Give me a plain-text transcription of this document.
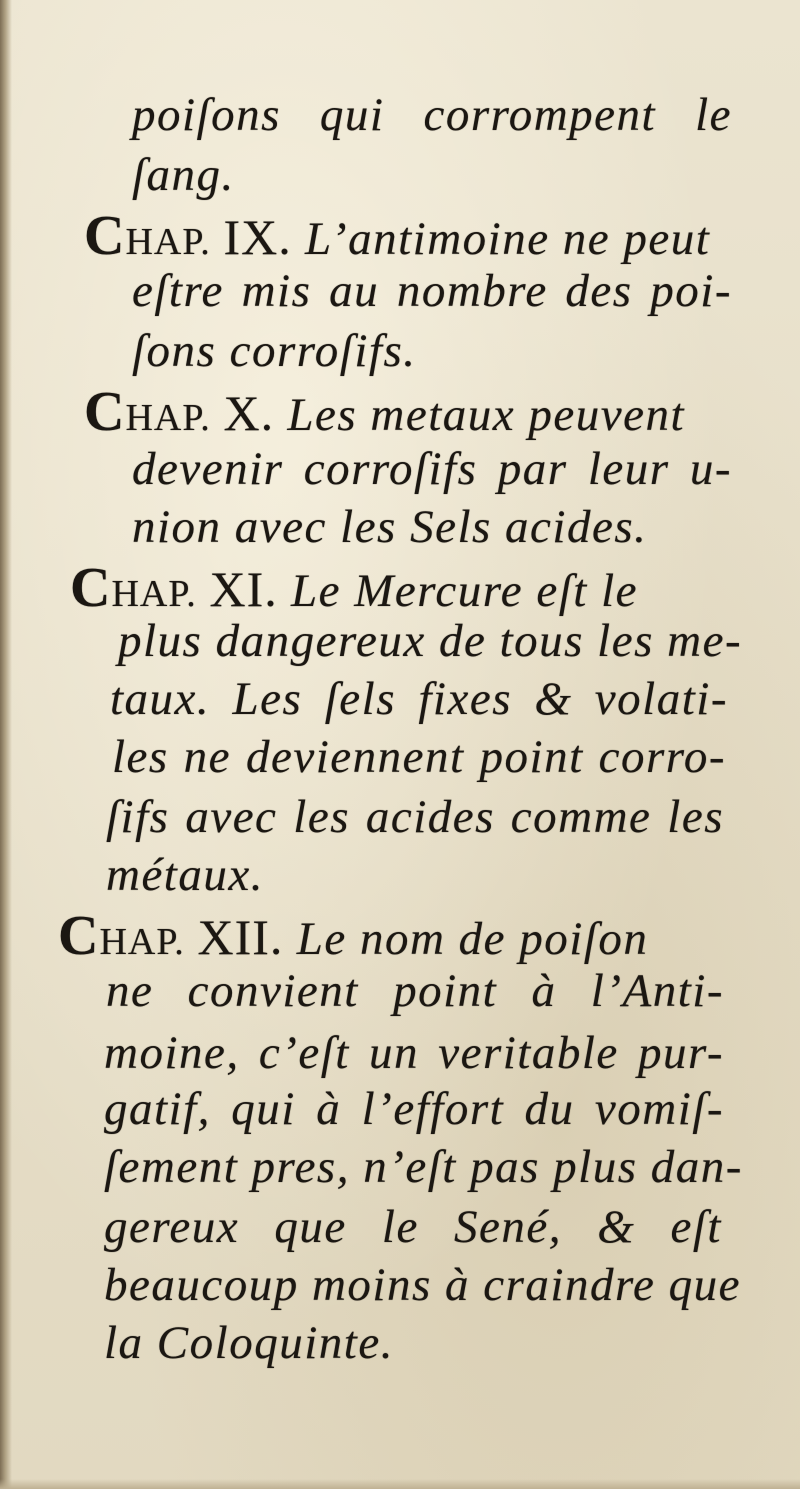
poiſons qui corrompent le
ſang.
CHAP. IX. L’antimoine ne peut
eſtre mis au nombre des poi-
ſons corroſifs.
CHAP. X. Les metaux peuvent
devenir corroſifs par leur u-
nion avec les Sels acides.
CHAP. XI. Le Mercure eſt le
plus dangereux de tous les me-
taux. Les ſels fixes & volati-
les ne deviennent point corro-
ſifs avec les acides comme les
métaux.
CHAP. XII. Le nom de poiſon
ne convient point à l’Anti-
moine, c’eſt un veritable pur-
gatif, qui à l’effort du vomiſ-
ſement pres, n’eſt pas plus dan-
gereux que le Sené, & eſt
beaucoup moins à craindre que
la Coloquinte.
